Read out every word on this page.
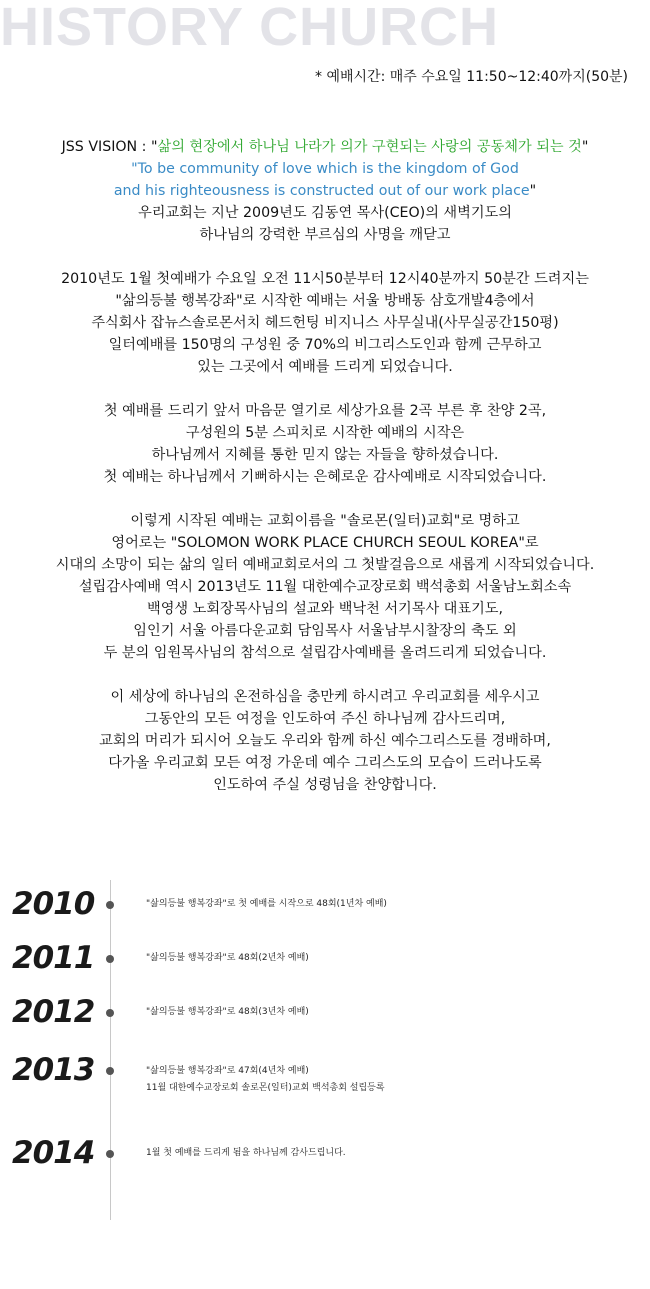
HISTORY CHURCH
* 예배시간: 매주 수요일 11:50~12:40까지(50분)
JSS VISION : "삶의 현장에서 하나님 나라가 의가 구현되는 사랑의 공동체가 되는 것"
"To be community of love which is the kingdom of God
and his righteousness is constructed out of our work place"
우리교회는 지난 2009년도 김동연 목사(CEO)의 새벽기도의
하나님의 강력한 부르심의 사명을 깨닫고
2010년도 1월 첫예배가 수요일 오전 11시50분부터 12시40분까지 50분간 드려지는
"삶의등불 행복강좌"로 시작한 예배는 서울 방배동 삼호개발4층에서
주식회사 잡뉴스솔로몬서치 헤드헌팅 비지니스 사무실내(사무실공간150평)
일터예배를 150명의 구성원 중 70%의 비그리스도인과 함께 근무하고
있는 그곳에서 예배를 드리게 되었습니다.
첫 예배를 드리기 앞서 마음문 열기로 세상가요를 2곡 부른 후 찬양 2곡,
구성원의 5분 스피치로 시작한 예배의 시작은
하나님께서 지혜를 통한 믿지 않는 자들을 향하셨습니다.
첫 예배는 하나님께서 기뻐하시는 은혜로운 감사예배로 시작되었습니다.
이렇게 시작된 예배는 교회이름을 "솔로몬(일터)교회"로 명하고
영어로는 "SOLOMON WORK PLACE CHURCH SEOUL KOREA"로
시대의 소망이 되는 삶의 일터 예배교회로서의 그 첫발걸음으로 새롭게 시작되었습니다.
설립감사예배 역시 2013년도 11월 대한예수교장로회 백석총회 서울남노회소속
백영생 노회장목사님의 설교와 백낙천 서기목사 대표기도,
임인기 서울 아름다운교회 담임목사 서울남부시찰장의 축도 외
두 분의 임원목사님의 참석으로 설립감사예배를 올려드리게 되었습니다.
이 세상에 하나님의 온전하심을 충만케 하시려고 우리교회를 세우시고
그동안의 모든 여정을 인도하여 주신 하나님께 감사드리며,
교회의 머리가 되시어 오늘도 우리와 함께 하신 예수그리스도를 경배하며,
다가올 우리교회 모든 여정 가운데 예수 그리스도의 모습이 드러나도록
인도하여 주실 성령님을 찬양합니다.
2010	"삶의등불 행복강좌"로 첫 예배를 시작으로 48회(1년차 예배)
2011	"삶의등불 행복강좌"로 48회(2년차 예배)
2012	"삶의등불 행복강좌"로 48회(3년차 예배)
2013	"삶의등불 행복강좌"로 47회(4년차 예배)
11월 대한예수교장로회 솔로몬(일터)교회 백석총회 설립등록
2014	1월 첫 예배를 드리게 됨을 하나님께 감사드립니다.
